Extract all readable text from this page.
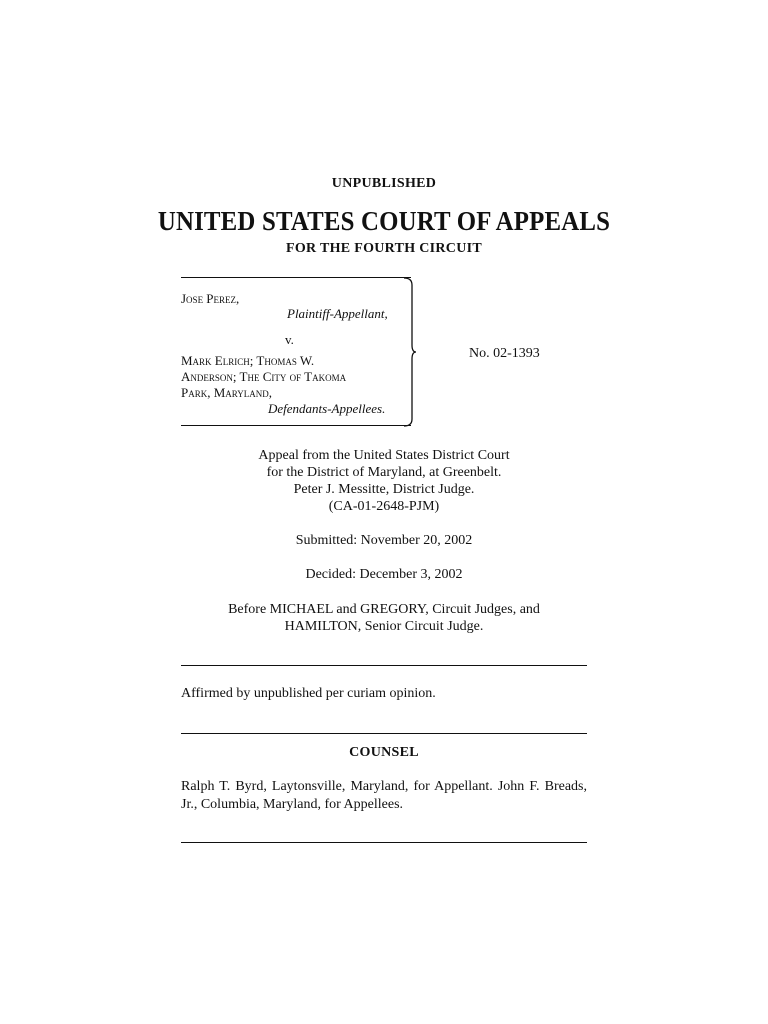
UNPUBLISHED
UNITED STATES COURT OF APPEALS
FOR THE FOURTH CIRCUIT
Jose Perez,
Plaintiff-Appellant,
v.
Mark Elrich; Thomas W.
Anderson; The City of Takoma
Park, Maryland,
Defendants-Appellees.
No. 02-1393
Appeal from the United States District Court
for the District of Maryland, at Greenbelt.
Peter J. Messitte, District Judge.
(CA-01-2648-PJM)
Submitted: November 20, 2002
Decided: December 3, 2002
Before MICHAEL and GREGORY, Circuit Judges, and
HAMILTON, Senior Circuit Judge.
Affirmed by unpublished per curiam opinion.
COUNSEL
Ralph T. Byrd, Laytonsville, Maryland, for Appellant. John F. Breads, Jr., Columbia, Maryland, for Appellees.
